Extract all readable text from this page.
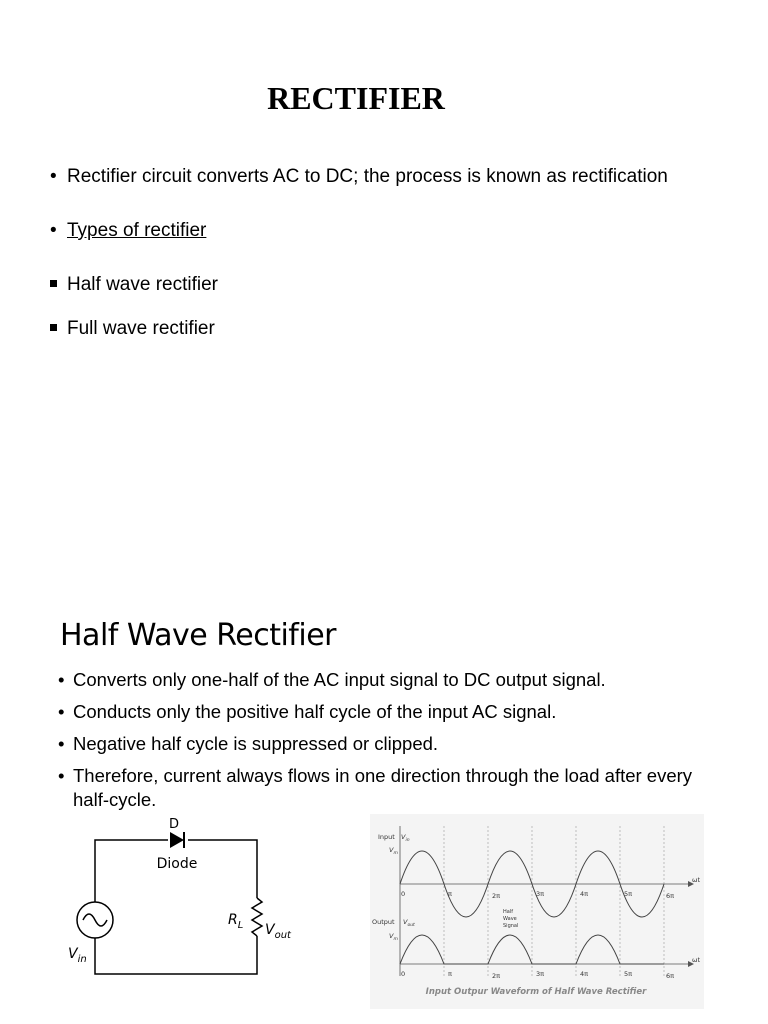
RECTIFIER
• Rectifier circuit converts AC to DC; the process is known as rectification
• Types of rectifier
Half wave rectifier
Full wave rectifier
Half Wave Rectifier
• Converts only one-half of the AC input signal to DC output signal.
• Conducts only the positive half cycle of the input AC signal.
• Negative half cycle is suppressed or clipped.
• Therefore, current always flows in one direction through the load after every half-cycle.
D
Diode
$R_L$ $V_{out}$
$V_{in}$
Input $V_{in}$
$V_m$
Output $V_{out}$
$V_m$
0	π	2π	3π	4π	5π	6π
ωt
0	π	2π	3π	4π	5π	6π
ωt
Half
Wave
Signal
Input Outpur Waveform of Half Wave Rectifier
